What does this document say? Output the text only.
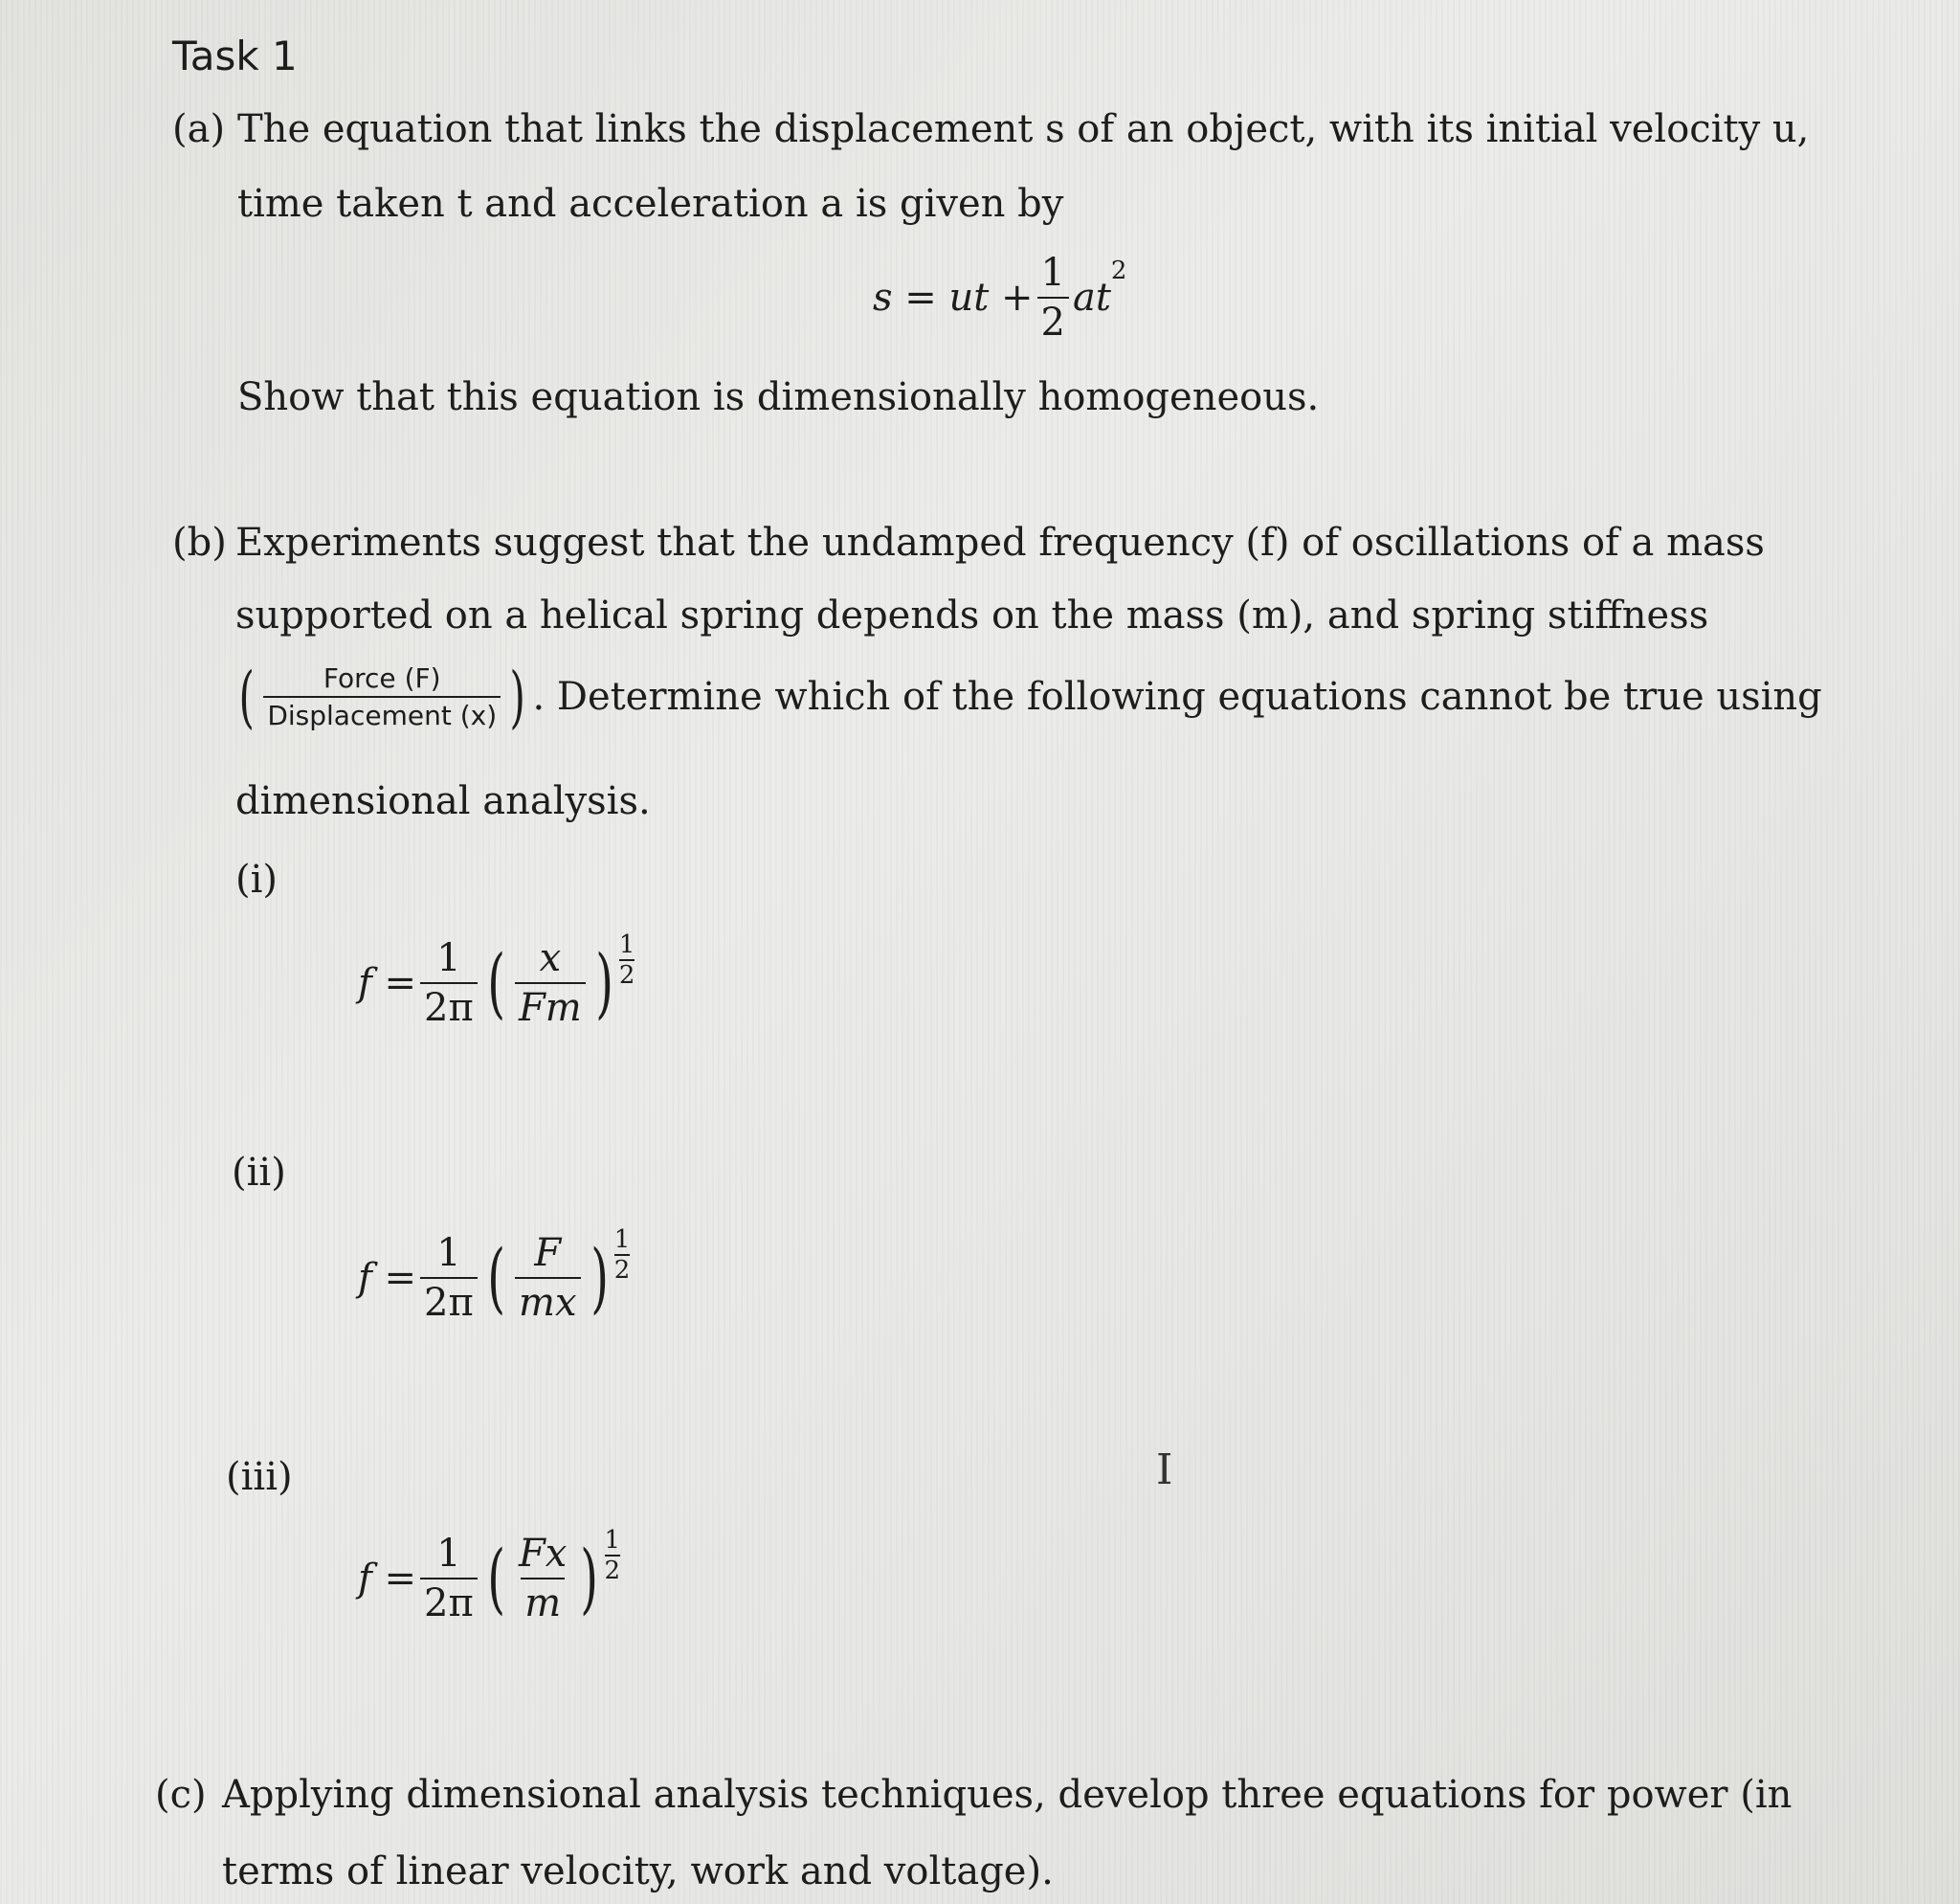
Task 1
(a) The equation that links the displacement s of an object, with its initial velocity u,
time taken t and acceleration a is given by
s = ut + $\frac{1}{2}$ at
$^2$
Show that this equation is dimensionally homogeneous.
(b) Experiments suggest that the undamped frequency (f) of oscillations of a mass
supported on a helical spring depends on the mass (m), and spring stiffness
( $\frac{\text{Force (F)}}{\text{Displacement (x)}}$ ) . Determine which of the following equations cannot be true using
dimensional analysis.
(i)
$f = \frac{1}{2\pi}$ ( $\frac{x}{Fm}$ ) $\frac{1}{2}$
(ii)
$f = \frac{1}{2\pi}$ ( $\frac{F}{mx}$ ) $\frac{1}{2}$
(iii)
$f = \frac{1}{2\pi}$ ( $\frac{Fx}{m}$ ) $\frac{1}{2}$
I
(c) Applying dimensional analysis techniques, develop three equations for power (in
terms of linear velocity, work and voltage).
